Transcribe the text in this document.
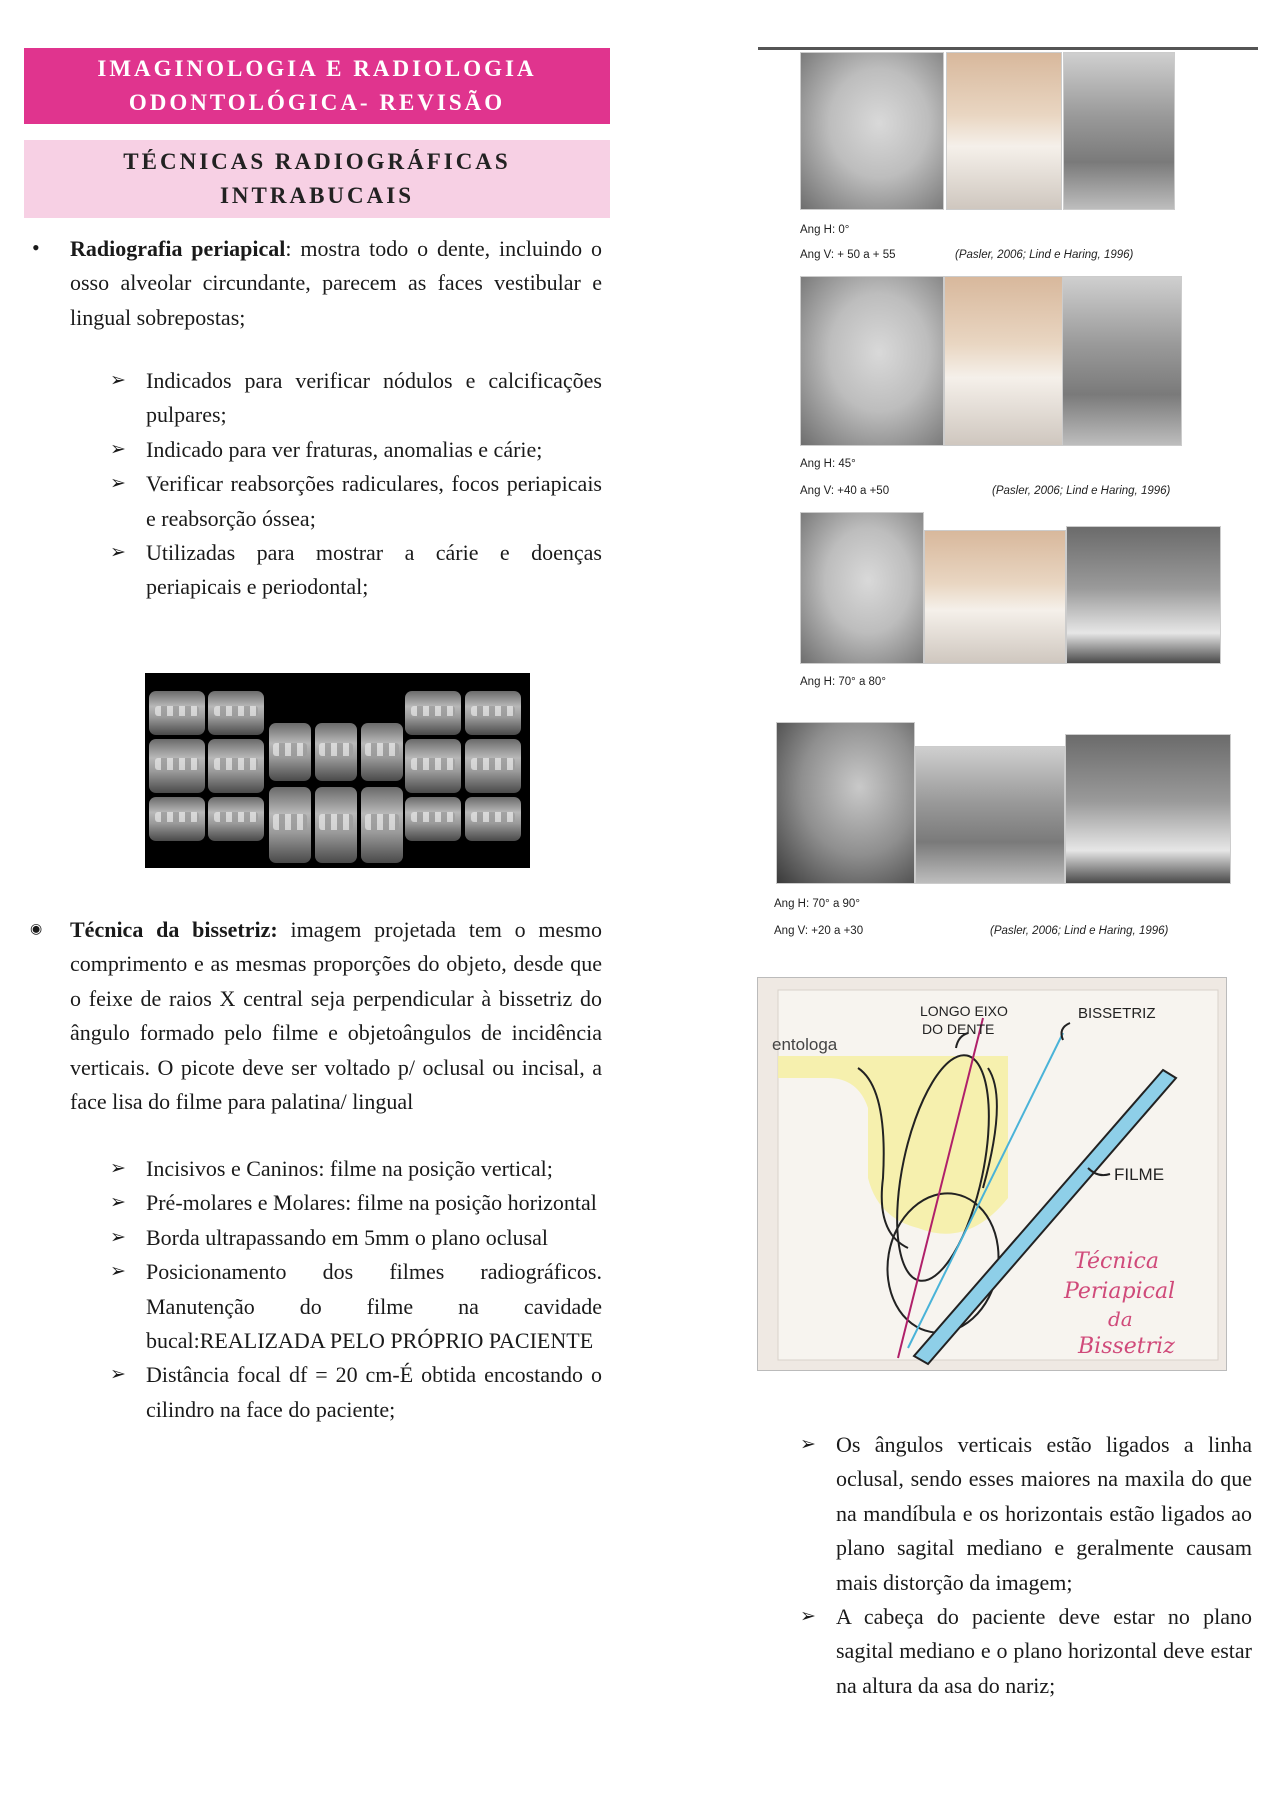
IMAGINOLOGIA E RADIOLOGIA
ODONTOLÓGICA- REVISÃO
TÉCNICAS RADIOGRÁFICAS
INTRABUCAIS
• Radiografia periapical: mostra todo o dente, incluindo o osso alveolar circundante, parecem as faces vestibular e lingual sobrepostas;
➢ Indicados para verificar nódulos e calcificações pulpares;
➢ Indicado para ver fraturas, anomalias e cárie;
➢ Verificar reabsorções radiculares, focos periapicais e reabsorção óssea;
➢ Utilizadas para mostrar a cárie e doenças periapicais e periodontal;
◉ Técnica da bissetriz: imagem projetada tem o mesmo comprimento e as mesmas proporções do objeto, desde que o feixe de raios X central seja perpendicular à bissetriz do ângulo formado pelo filme e objetoângulos de incidência verticais. O picote deve ser voltado p/ oclusal ou incisal, a face lisa do filme para palatina/ lingual
➢ Incisivos e Caninos: filme na posição vertical;
➢ Pré-molares e Molares: filme na posição horizontal
➢ Borda ultrapassando em 5mm o plano oclusal
➢ Posicionamento dos filmes radiográficos. Manutenção do filme na cavidade bucal:REALIZADA PELO PRÓPRIO PACIENTE
➢ Distância focal df = 20 cm-É obtida encostando o cilindro na face do paciente;
Ang H: 0°
Ang V: + 50 a + 55	(Pasler, 2006; Lind e Haring, 1996)
Ang H: 45°
Ang V: +40 a +50	(Pasler, 2006; Lind e Haring, 1996)
Ang H: 70° a 80°
Ang H: 70° a 90°
Ang V: +20 a +30	(Pasler, 2006; Lind e Haring, 1996)
entologa
LONGO EIXO
DO DENTE
BISSETRIZ
FILME
Técnica
Periapical
da
Bissetriz
➢ Os ângulos verticais estão ligados a linha oclusal, sendo esses maiores na maxila do que na mandíbula e os horizontais estão ligados ao plano sagital mediano e geralmente causam mais distorção da imagem;
➢ A cabeça do paciente deve estar no plano sagital mediano e o plano horizontal deve estar na altura da asa do nariz;
